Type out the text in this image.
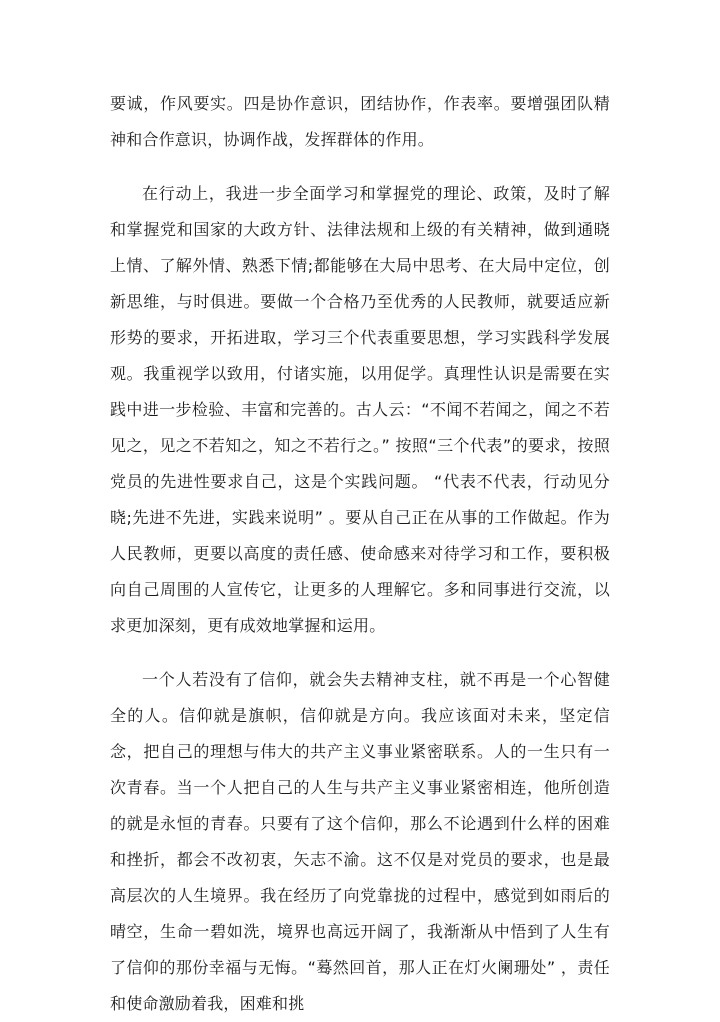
要诚，作风要实。四是协作意识，团结协作，作表率。要增强团队精神和合作意识，协调作战，发挥群体的作用。

在行动上，我进一步全面学习和掌握党的理论、政策，及时了解和掌握党和国家的大政方针、法律法规和上级的有关精神，做到通晓上情、了解外情、熟悉下情;都能够在大局中思考、在大局中定位，创新思维，与时俱进。要做一个合格乃至优秀的人民教师，就要适应新形势的要求，开拓进取，学习三个代表重要思想，学习实践科学发展观。我重视学以致用，付诸实施，以用促学。真理性认识是需要在实践中进一步检验、丰富和完善的。古人云：“不闻不若闻之，闻之不若见之，见之不若知之，知之不若行之。” 按照“三个代表”的要求，按照党员的先进性要求自己，这是个实践问题。 “代表不代表，行动见分晓;先进不先进，实践来说明” 。要从自己正在从事的工作做起。作为人民教师，更要以高度的责任感、使命感来对待学习和工作，要积极向自己周围的人宣传它，让更多的人理解它。多和同事进行交流，以求更加深刻，更有成效地掌握和运用。

一个人若没有了信仰，就会失去精神支柱，就不再是一个心智健全的人。信仰就是旗帜，信仰就是方向。我应该面对未来，坚定信念，把自己的理想与伟大的共产主义事业紧密联系。人的一生只有一次青春。当一个人把自己的人生与共产主义事业紧密相连，他所创造的就是永恒的青春。只要有了这个信仰，那么不论遇到什么样的困难和挫折，都会不改初衷，矢志不渝。这不仅是对党员的要求，也是最高层次的人生境界。我在经历了向党靠拢的过程中，感觉到如雨后的晴空，生命一碧如洗，境界也高远开阔了，我渐渐从中悟到了人生有了信仰的那份幸福与无悔。“蓦然回首，那人正在灯火阑珊处” ，责任和使命激励着我，困难和挑
